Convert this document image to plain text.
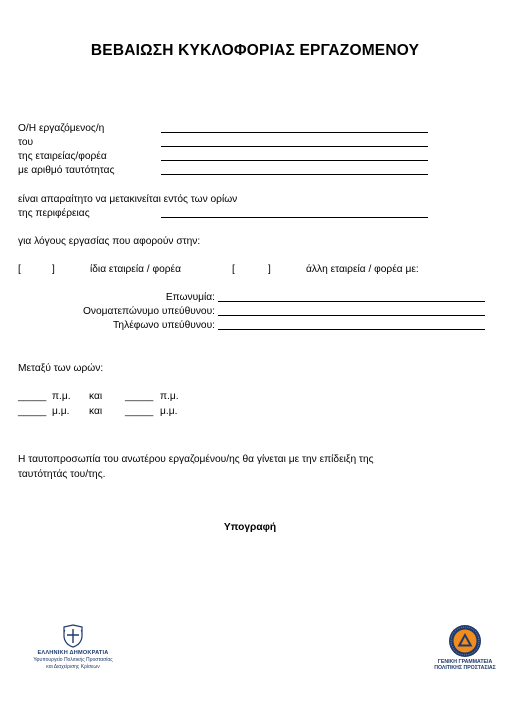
ΒΕΒΑΙΩΣΗ ΚΥΚΛΟΦΟΡΙΑΣ ΕΡΓΑΖΟΜΕΝΟΥ
Ο/Η εργαζόμενος/η
του
της εταιρείας/φορέα
με αριθμό ταυτότητας
είναι απαραίτητο να μετακινείται εντός των ορίων
της περιφέρειας
για λόγους εργασίας που αφορούν στην:
[	]	ίδια εταιρεία / φορέα	[	]	άλλη εταιρεία / φορέα με:
Επωνυμία:
Ονοματεπώνυμο υπεύθυνου:
Τηλέφωνο υπεύθυνου:
Μεταξύ των ωρών:
_____ π.μ. και _____ π.μ.
_____ μ.μ. και _____ μ.μ.
Η ταυτοπροσωπία του ανωτέρου εργαζομένου/ης θα γίνεται με την επίδειξη της
ταυτότητάς του/της.
Υπογραφή
ΕΛΛΗΝΙΚΗ ΔΗΜΟΚΡΑΤΙΑ
Υφυπουργείο Πολιτικής Προστασίας
και Διαχείρισης Κρίσεων
ΓΕΝΙΚΗ ΓΡΑΜΜΑΤΕΙΑ
ΠΟΛΙΤΙΚΗΣ ΠΡΟΣΤΑΣΙΑΣ
